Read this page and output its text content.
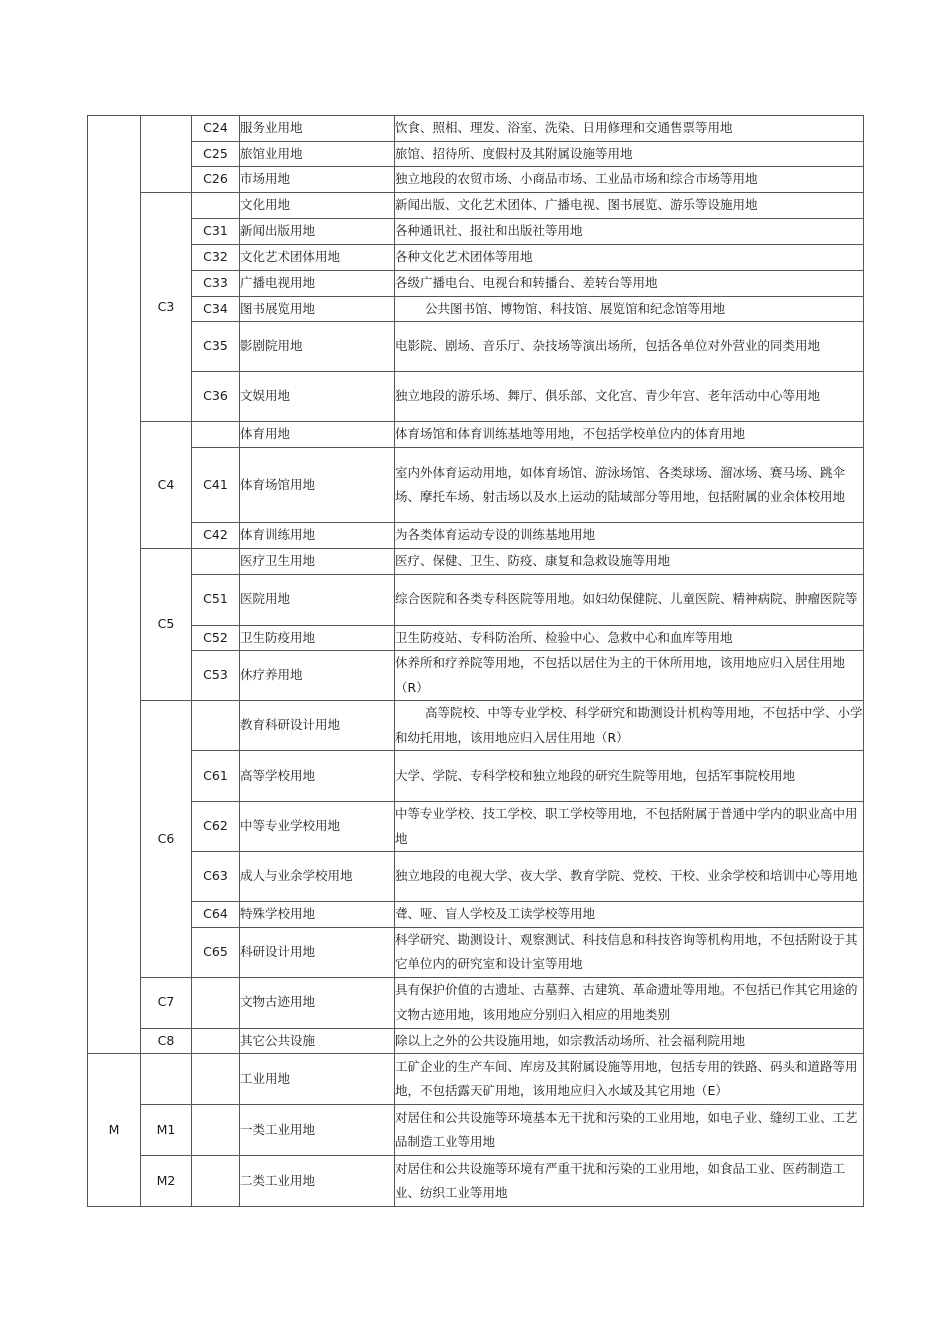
		C24	服务业用地	饮食、照相、理发、浴室、洗染、日用修理和交通售票等用地
		C25	旅馆业用地	旅馆、招待所、度假村及其附属设施等用地
		C26	市场用地	独立地段的农贸市场、小商品市场、工业品市场和综合市场等用地
	C3		文化用地	新闻出版、文化艺术团体、广播电视、图书展览、游乐等设施用地
		C31	新闻出版用地	各种通讯社、报社和出版社等用地
		C32	文化艺术团体用地	各种文化艺术团体等用地
		C33	广播电视用地	各级广播电台、电视台和转播台、差转台等用地
		C34	图书展览用地	公共图书馆、博物馆、科技馆、展览馆和纪念馆等用地
		C35	影剧院用地	电影院、剧场、音乐厅、杂技场等演出场所，包括各单位对外营业的同类用地
		C36	文娱用地	独立地段的游乐场、舞厅、俱乐部、文化宫、青少年宫、老年活动中心等用地
	C4		体育用地	体育场馆和体育训练基地等用地，不包括学校单位内的体育用地
		C41	体育场馆用地	室内外体育运动用地，如体育场馆、游泳场馆、各类球场、溜冰场、赛马场、跳伞场、摩托车场、射击场以及水上运动的陆域部分等用地，包括附属的业余体校用地
		C42	体育训练用地	为各类体育运动专设的训练基地用地
	C5		医疗卫生用地	医疗、保健、卫生、防疫、康复和急救设施等用地
		C51	医院用地	综合医院和各类专科医院等用地。如妇幼保健院、儿童医院、精神病院、肿瘤医院等
		C52	卫生防疫用地	卫生防疫站、专科防治所、检验中心、急救中心和血库等用地
		C53	休疗养用地	休养所和疗养院等用地，不包括以居住为主的干休所用地，该用地应归入居住用地（R）
	C6		教育科研设计用地	高等院校、中等专业学校、科学研究和勘测设计机构等用地，不包括中学、小学和幼托用地，该用地应归入居住用地（R）
		C61	高等学校用地	大学、学院、专科学校和独立地段的研究生院等用地，包括军事院校用地
		C62	中等专业学校用地	中等专业学校、技工学校、职工学校等用地，不包括附属于普通中学内的职业高中用地
		C63	成人与业余学校用地	独立地段的电视大学、夜大学、教育学院、党校、干校、业余学校和培训中心等用地
		C64	特殊学校用地	聋、哑、盲人学校及工读学校等用地
		C65	科研设计用地	科学研究、勘测设计、观察测试、科技信息和科技咨询等机构用地，不包括附设于其它单位内的研究室和设计室等用地
	C7		文物古迹用地	具有保护价值的古遗址、古墓葬、古建筑、革命遗址等用地。不包括已作其它用途的文物古迹用地，该用地应分别归入相应的用地类别
	C8		其它公共设施	除以上之外的公共设施用地，如宗教活动场所、社会福利院用地
M			工业用地	工矿企业的生产车间、库房及其附属设施等用地，包括专用的铁路、码头和道路等用地，不包括露天矿用地，该用地应归入水域及其它用地（E）
	M1		一类工业用地	对居住和公共设施等环境基本无干扰和污染的工业用地，如电子业、缝纫工业、工艺品制造工业等用地
	M2		二类工业用地	对居住和公共设施等环境有严重干扰和污染的工业用地，如食品工业、医药制造工业、纺织工业等用地
